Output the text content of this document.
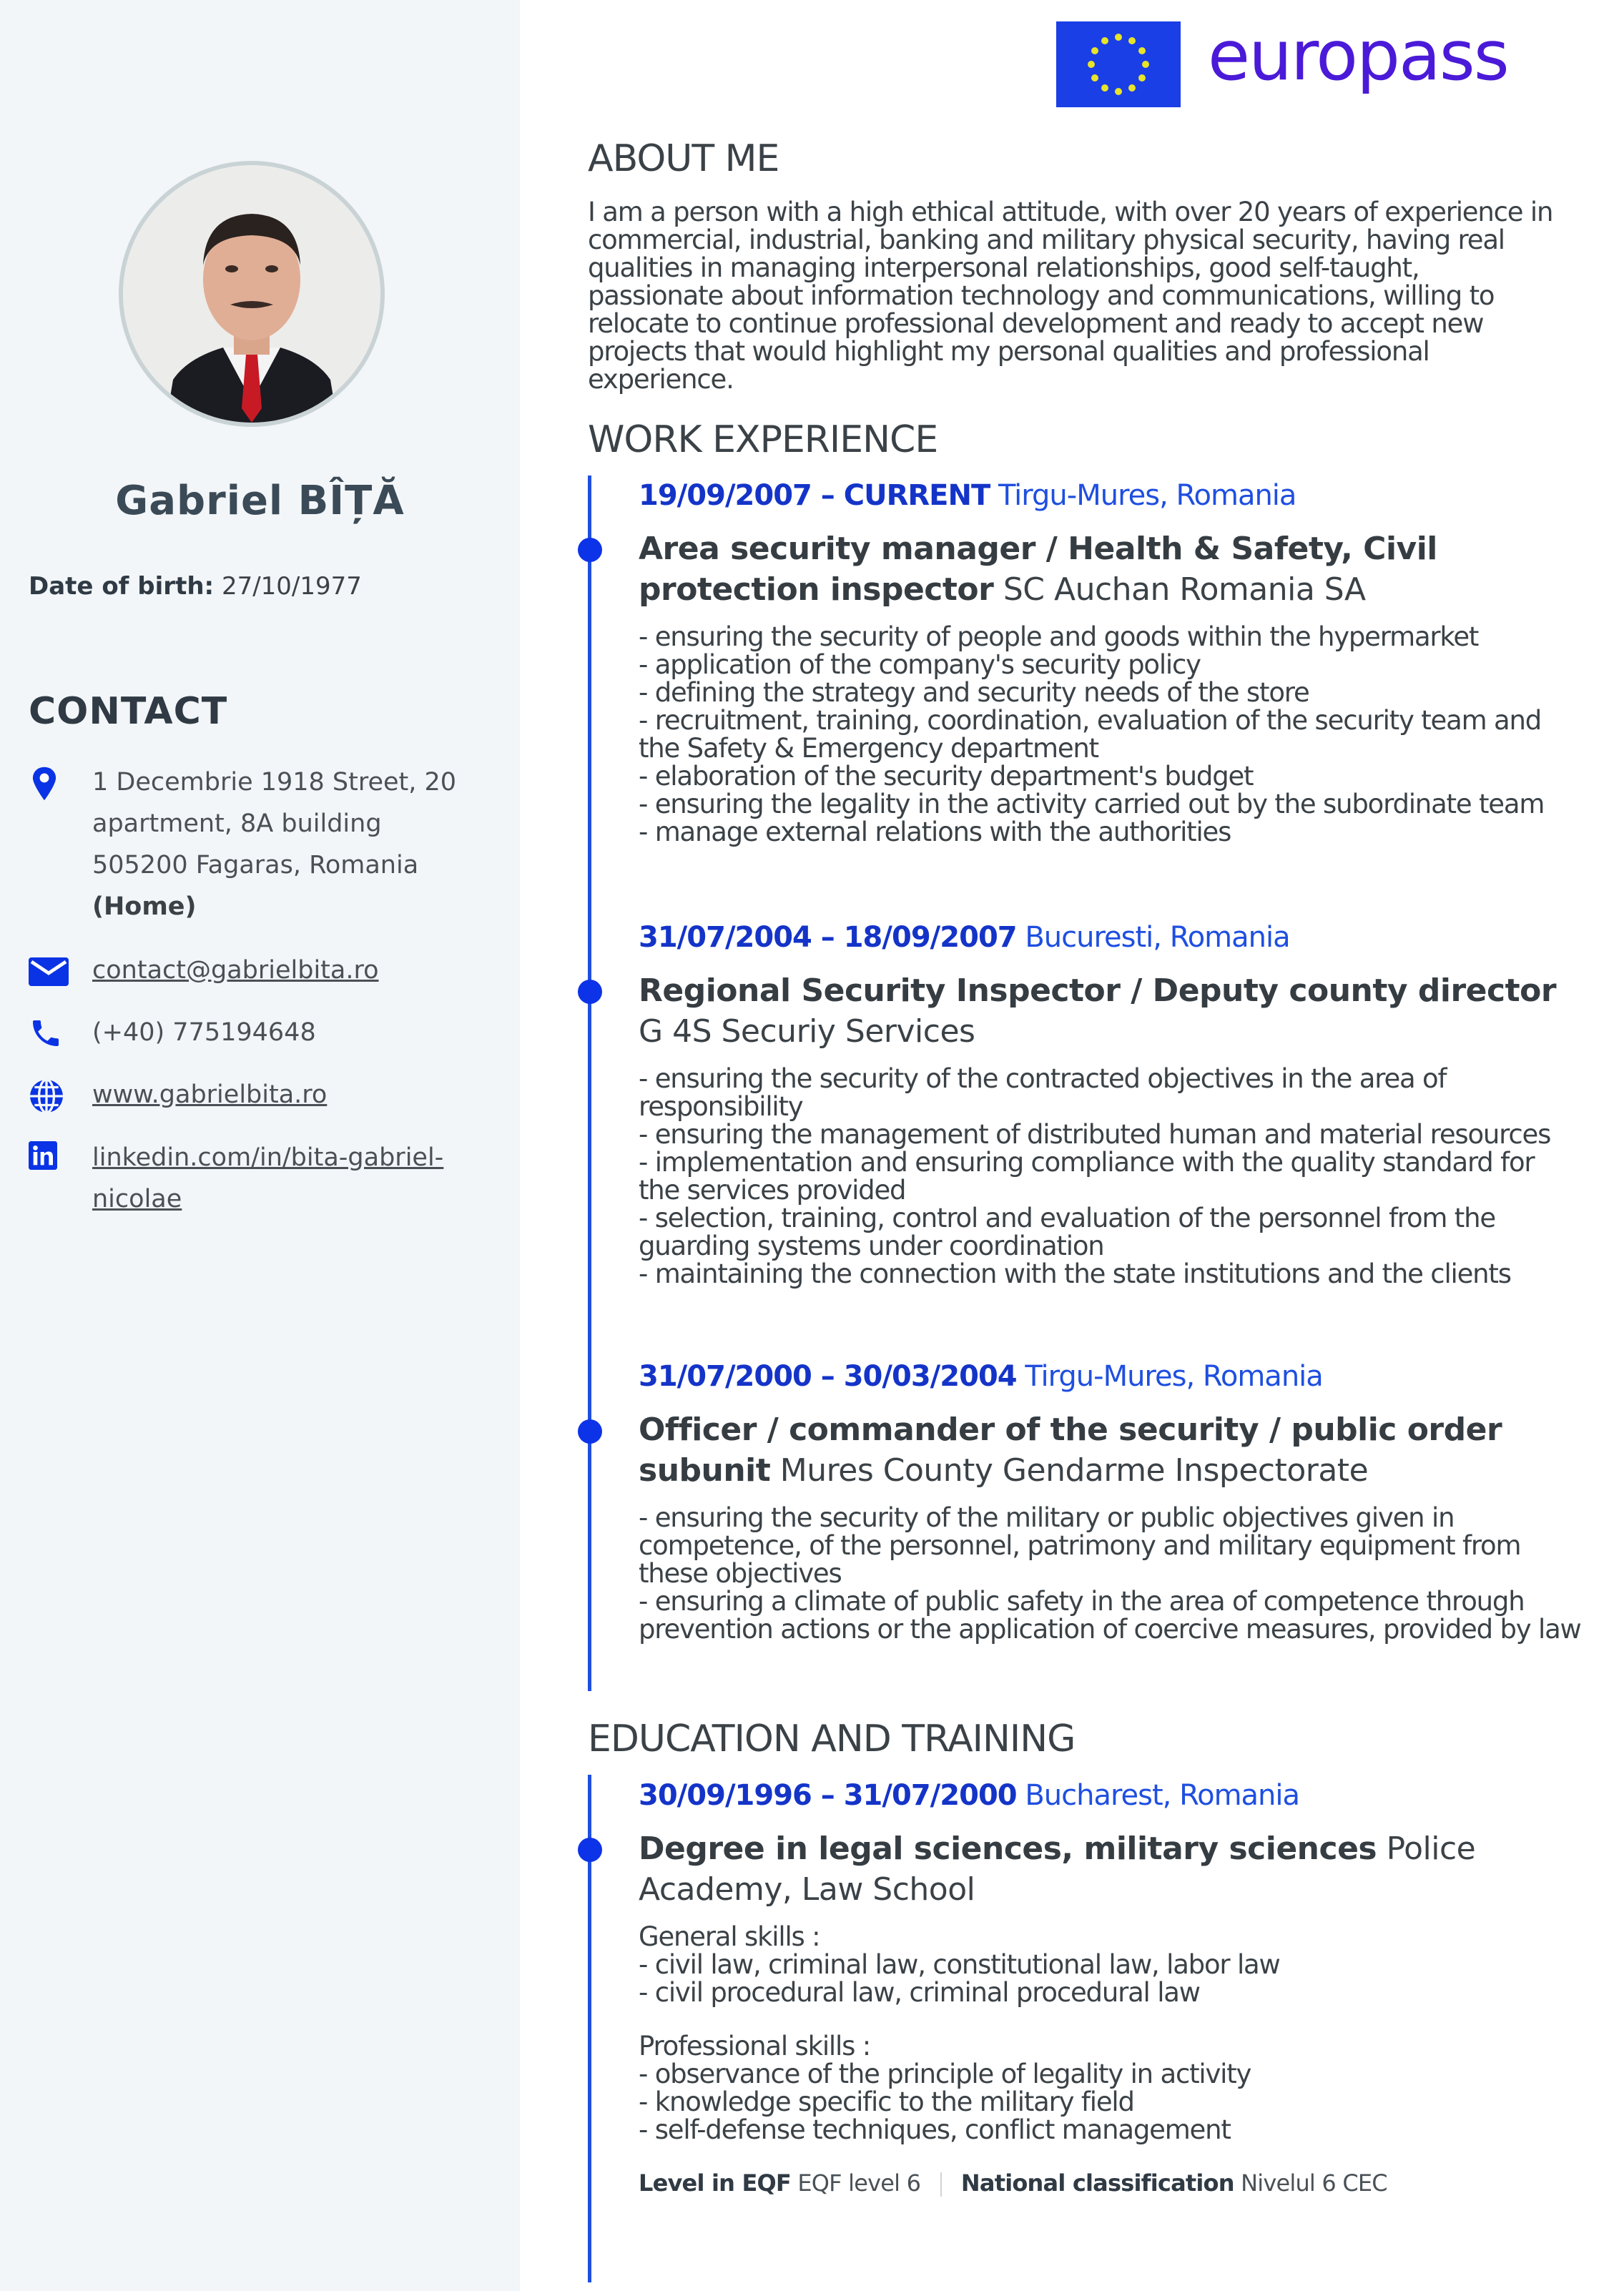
Gabriel BÎȚĂ
Date of birth: 27/10/1977
CONTACT
1 Decembrie 1918 Street, 20
apartment, 8A building
505200 Fagaras, Romania
(Home)
contact@gabrielbita.ro
(+40) 775194648
www.gabrielbita.ro
linkedin.com/in/bita-gabriel-
nicolae
europass
ABOUT ME
I am a person with a high ethical attitude, with over 20 years of experience in commercial, industrial, banking and military physical security, having real qualities in managing interpersonal relationships, good self-taught, passionate about information technology and communications, willing to relocate to continue professional development and ready to accept new projects that would highlight my personal qualities and professional experience.
WORK EXPERIENCE
19/09/2007 – CURRENT Tirgu-Mures, Romania
Area security manager / Health & Safety, Civil protection inspector SC Auchan Romania SA
- ensuring the security of people and goods within the hypermarket
- application of the company's security policy
- defining the strategy and security needs of the store
- recruitment, training, coordination, evaluation of the security team and the Safety & Emergency department
- elaboration of the security department's budget
- ensuring the legality in the activity carried out by the subordinate team
- manage external relations with the authorities
31/07/2004 – 18/09/2007 Bucuresti, Romania
Regional Security Inspector / Deputy county director G 4S Securiy Services
- ensuring the security of the contracted objectives in the area of responsibility
- ensuring the management of distributed human and material resources
- implementation and ensuring compliance with the quality standard for the services provided
- selection, training, control and evaluation of the personnel from the guarding systems under coordination
- maintaining the connection with the state institutions and the clients
31/07/2000 – 30/03/2004 Tirgu-Mures, Romania
Officer / commander of the security / public order subunit Mures County Gendarme Inspectorate
- ensuring the security of the military or public objectives given in competence, of the personnel, patrimony and military equipment from these objectives
- ensuring a climate of public safety in the area of competence through prevention actions or the application of coercive measures, provided by law
EDUCATION AND TRAINING
30/09/1996 – 31/07/2000 Bucharest, Romania
Degree in legal sciences, military sciences Police Academy, Law School
General skills :
- civil law, criminal law, constitutional law, labor law
- civil procedural law, criminal procedural law
Professional skills :
- observance of the principle of legality in activity
- knowledge specific to the military field
- self-defense techniques, conflict management
Level in EQF EQF level 6 National classification Nivelul 6 CEC
